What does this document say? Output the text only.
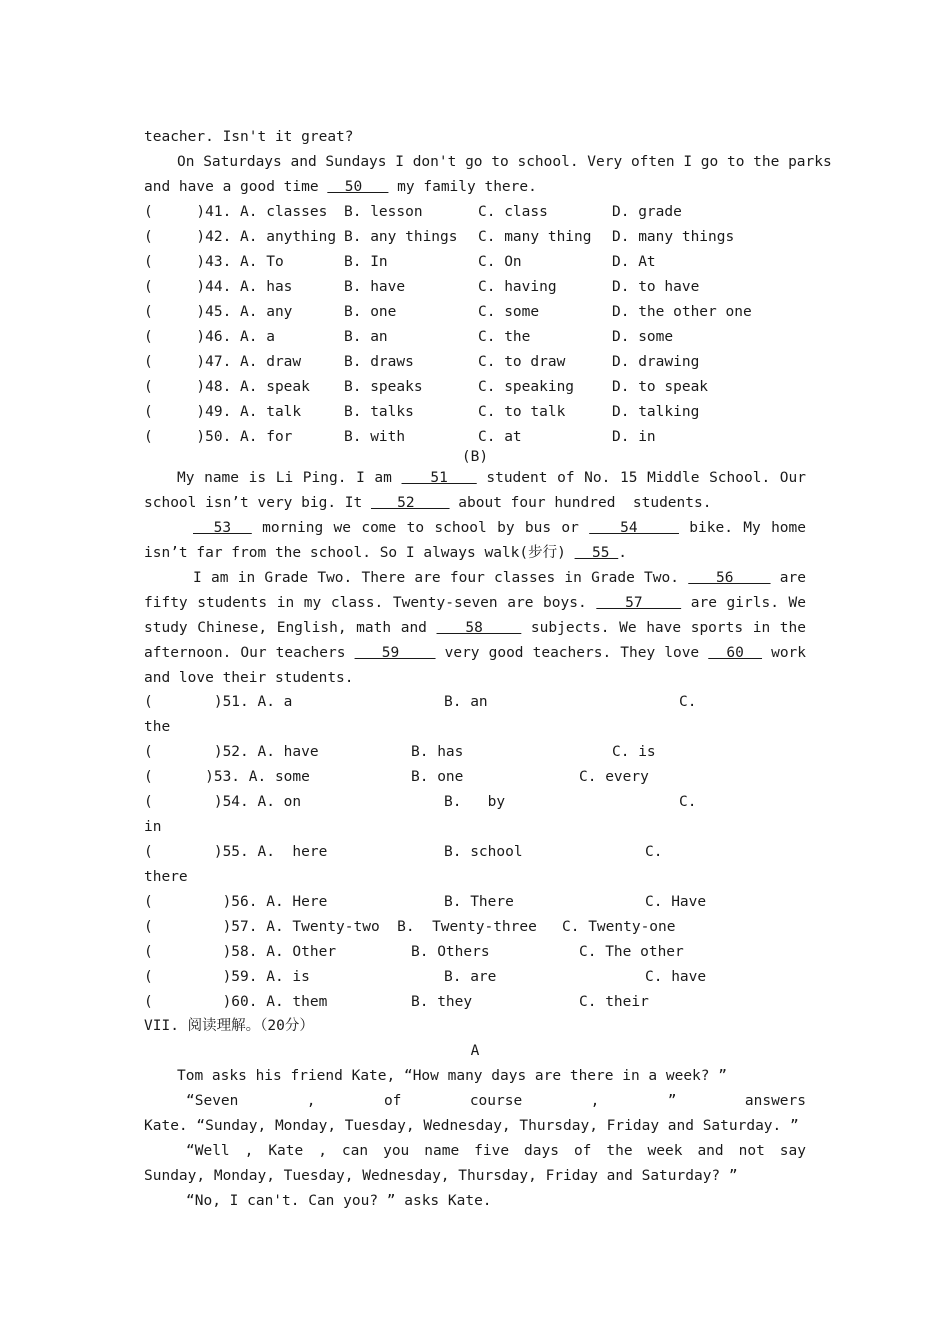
teacher. Isn't it great?
On Saturdays and Sundays I don't go to school. Very often I go to the parks
and have a good time   50    my family there.
(     )41. A. classes B. lesson	C. class	D. grade
(     )42. A. anything B. any things C. many thing D. many things
(     )43. A. To	B. In	C. On	D. At
(     )44. A. has	B. have	C. having	D. to have
(     )45. A. any	B. one	C. some	D. the other one
(     )46. A. a	B. an	C. the	D. some
(     )47. A. draw	B. draws	C. to draw	D. drawing
(     )48. A. speak B. speaks	C. speaking	D. to speak
(     )49. A. talk	B. talks	C. to talk	D. talking
(     )50. A. for	B. with	C. at	D. in
(B)
My name is Li Ping. I am    51    student of No. 15 Middle School. Our
school isn’t very big. It    52     about four hundred  students.
53   morning we come to school by bus or    54     bike. My home
isn’t far from the school. So I always walk(步行)   55 .
I am in Grade Two. There are four classes in Grade Two.    56     are
fifty students in my class. Twenty-seven are boys.    57     are girls. We
study Chinese, English, math and    58     subjects. We have sports in the
afternoon. Our teachers    59     very good teachers. They love   60   work
and love their students.
(       )51. A. a	B. an	C.
the
(       )52. A. have	B. has	C. is
(      )53. A. some	B. one	C. every
(       )54. A. on	B.   by	C.
in
(       )55. A.  here	B. school	C.
there
(        )56. A. Here	B. There	C. Have
(        )57. A. Twenty-two  B.  Twenty-three C. Twenty-one
(        )58. A. Other	B. Others	C. The other
(        )59. A. is	B. are	C. have
(        )60. A. them	B. they	C. their
VII. 阅读理解。（20分）
A
Tom asks his friend Kate, “How many days are there in a week? ”
“Seven	,	of	course	,	”	answers
Kate. “Sunday, Monday, Tuesday, Wednesday, Thursday, Friday and Saturday. ”
“Well , Kate , can you name five days of the week and not say
Sunday, Monday, Tuesday, Wednesday, Thursday, Friday and Saturday? ”
“No, I can't. Can you? ” asks Kate.
